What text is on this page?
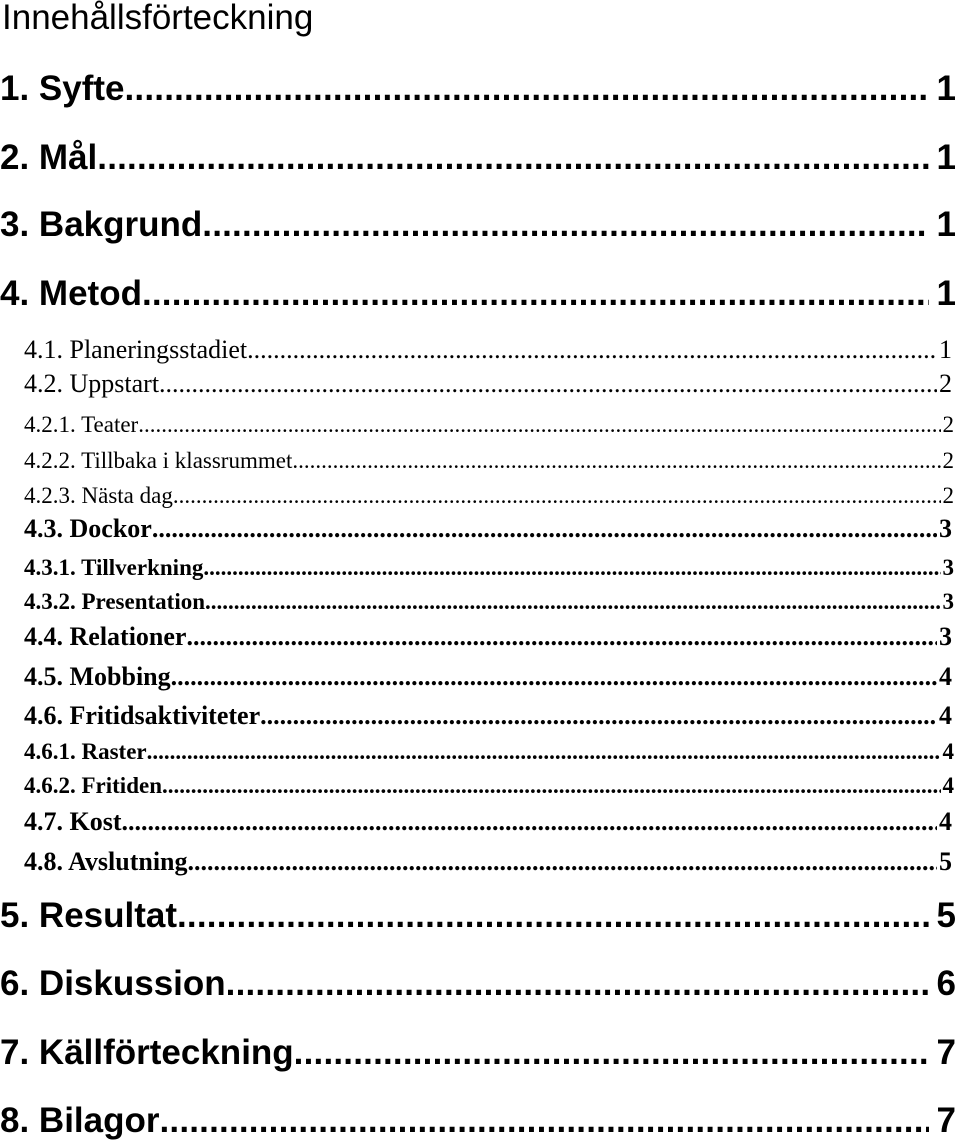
Innehållsförteckning
1. Syfte .....	1
2. Mål .....	1
3. Bakgrund .....	1
4. Metod .....	1
4.1. Planeringsstadiet .....	1
4.2. Uppstart .....	2
4.2.1. Teater .....	2
4.2.2. Tillbaka i klassrummet .....	2
4.2.3. Nästa dag .....	2
4.3. Dockor .....	3
4.3.1. Tillverkning .....	3
4.3.2. Presentation .....	3
4.4. Relationer .....	3
4.5. Mobbing .....	4
4.6. Fritidsaktiviteter .....	4
4.6.1. Raster .....	4
4.6.2. Fritiden .....	4
4.7. Kost .....	4
4.8. Avslutning .....	5
5. Resultat .....	5
6. Diskussion .....	6
7. Källförteckning .....	7
8. Bilagor .....	7
